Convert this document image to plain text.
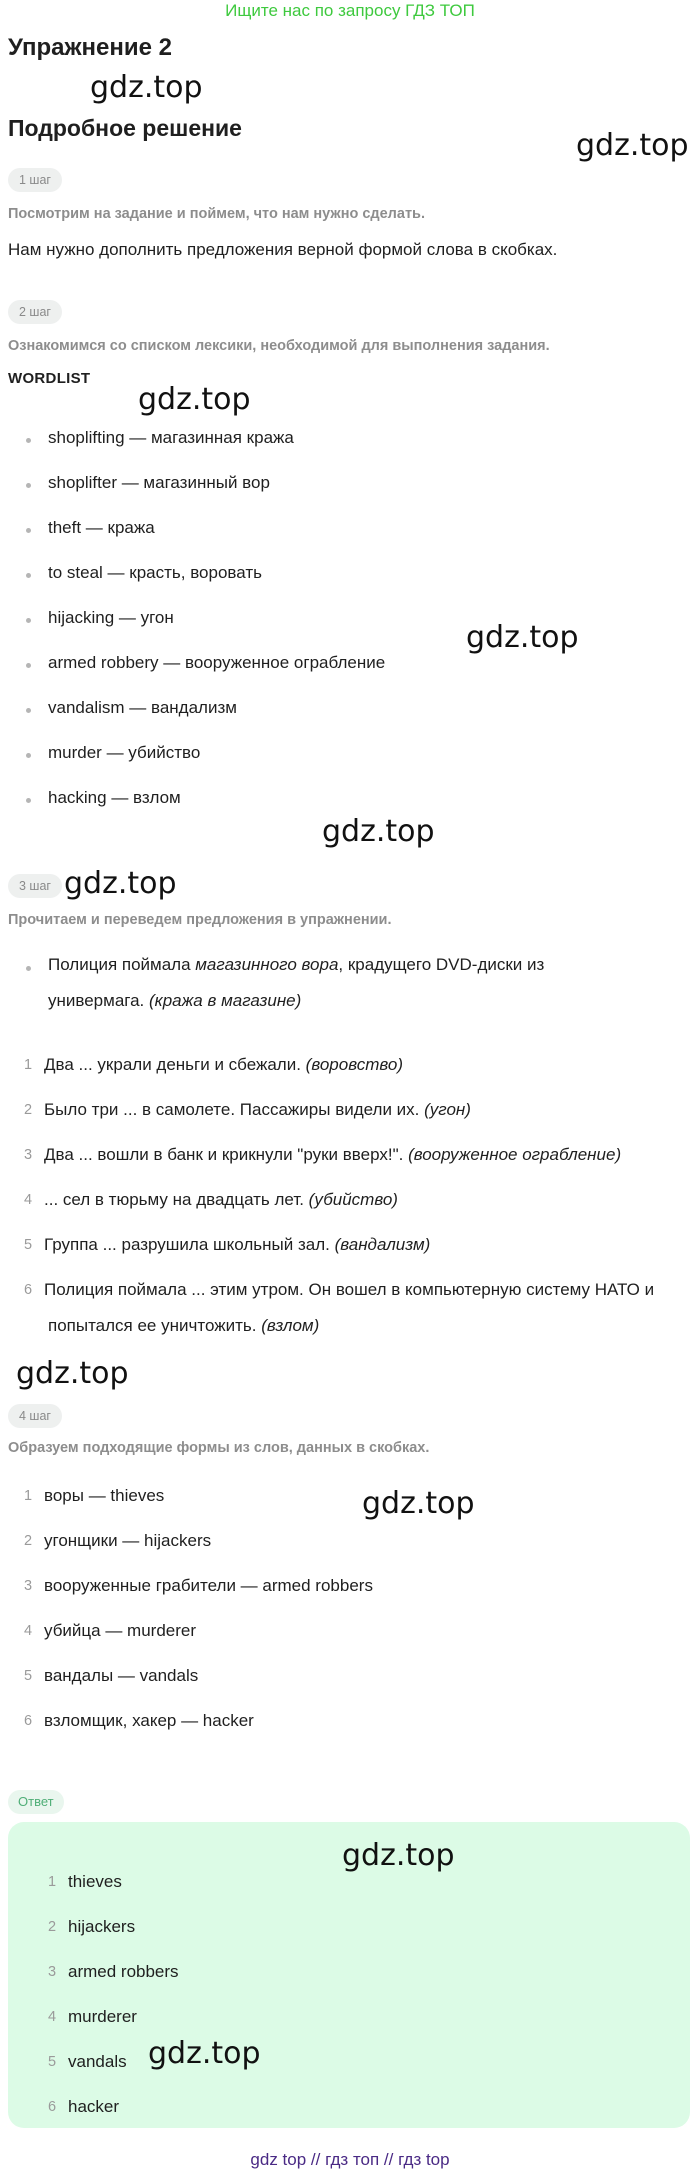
Ищите нас по запросу ГДЗ ТОП
Упражнение 2
gdz.top
Подробное решение	gdz.top
1 шаг
Посмотрим на задание и поймем, что нам нужно сделать.
Нам нужно дополнить предложения верной формой слова в скобках.
2 шаг
Ознакомимся со списком лексики, необходимой для выполнения задания.
WORDLIST
gdz.top
shoplifting — магазинная кража
shoplifter — магазинный вор
theft — кража
to steal — красть, воровать
hijacking — угон
armed robbery — вооруженное ограбление
vandalism — вандализм
murder — убийство
hacking — взлом
gdz.top
gdz.top
3 шаг gdz.top
Прочитаем и переведем предложения в упражнении.
Полиция поймала магазинного вора, крадущего DVD-диски из
универмага. (кража в магазине)
1 Два ... украли деньги и сбежали. (воровство)
2 Было три ... в самолете. Пассажиры видели их. (угон)
3 Два ... вошли в банк и крикнули "руки вверх!". (вооруженное ограбление)
4 ... сел в тюрьму на двадцать лет. (убийство)
5 Группа ... разрушила школьный зал. (вандализм)
6 Полиция поймала ... этим утром. Он вошел в компьютерную систему НАТО и
попытался ее уничтожить. (взлом)
gdz.top
4 шаг
Образуем подходящие формы из слов, данных в скобках.
gdz.top
1 воры — thieves
2 угонщики — hijackers
3 вооруженные грабители — armed robbers
4 убийца — murderer
5 вандалы — vandals
6 взломщик, хакер — hacker
Ответ
gdz.top
gdz.top
1 thieves
2 hijackers
3 armed robbers
4 murderer
5 vandals
6 hacker
gdz top // гдз топ // гдз top
